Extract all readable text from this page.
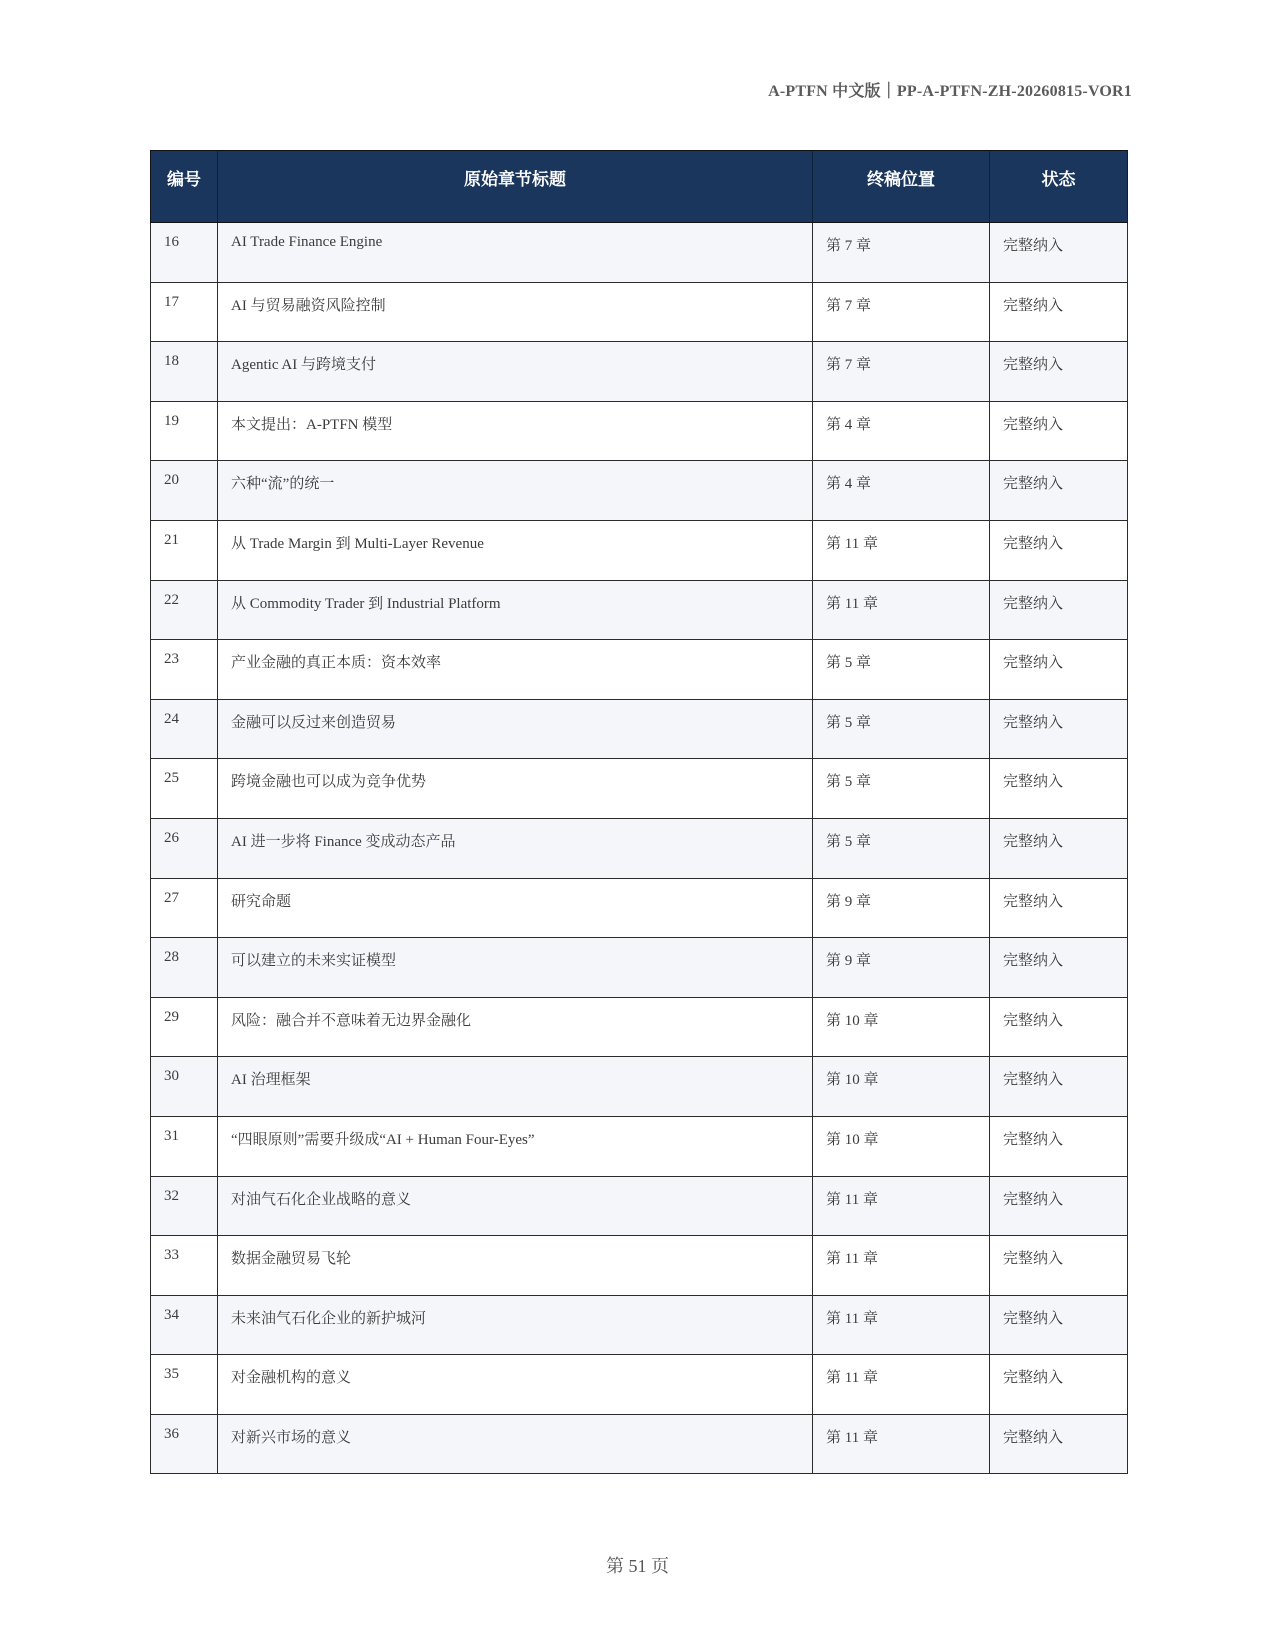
A-PTFN 中文版｜PP-A-PTFN-ZH-20260815-VOR1
编号	原始章节标题	终稿位置	状态
16	AI Trade Finance Engine	第 7 章	完整纳入
17	AI 与贸易融资风险控制	第 7 章	完整纳入
18	Agentic AI 与跨境支付	第 7 章	完整纳入
19	本文提出：A-PTFN 模型	第 4 章	完整纳入
20	六种“流”的统一	第 4 章	完整纳入
21	从 Trade Margin 到 Multi-Layer Revenue	第 11 章	完整纳入
22	从 Commodity Trader 到 Industrial Platform	第 11 章	完整纳入
23	产业金融的真正本质：资本效率	第 5 章	完整纳入
24	金融可以反过来创造贸易	第 5 章	完整纳入
25	跨境金融也可以成为竞争优势	第 5 章	完整纳入
26	AI 进一步将 Finance 变成动态产品	第 5 章	完整纳入
27	研究命题	第 9 章	完整纳入
28	可以建立的未来实证模型	第 9 章	完整纳入
29	风险：融合并不意味着无边界金融化	第 10 章	完整纳入
30	AI 治理框架	第 10 章	完整纳入
31	“四眼原则”需要升级成“AI + Human Four-Eyes”	第 10 章	完整纳入
32	对油气石化企业战略的意义	第 11 章	完整纳入
33	数据金融贸易飞轮	第 11 章	完整纳入
34	未来油气石化企业的新护城河	第 11 章	完整纳入
35	对金融机构的意义	第 11 章	完整纳入
36	对新兴市场的意义	第 11 章	完整纳入
第 51 页
